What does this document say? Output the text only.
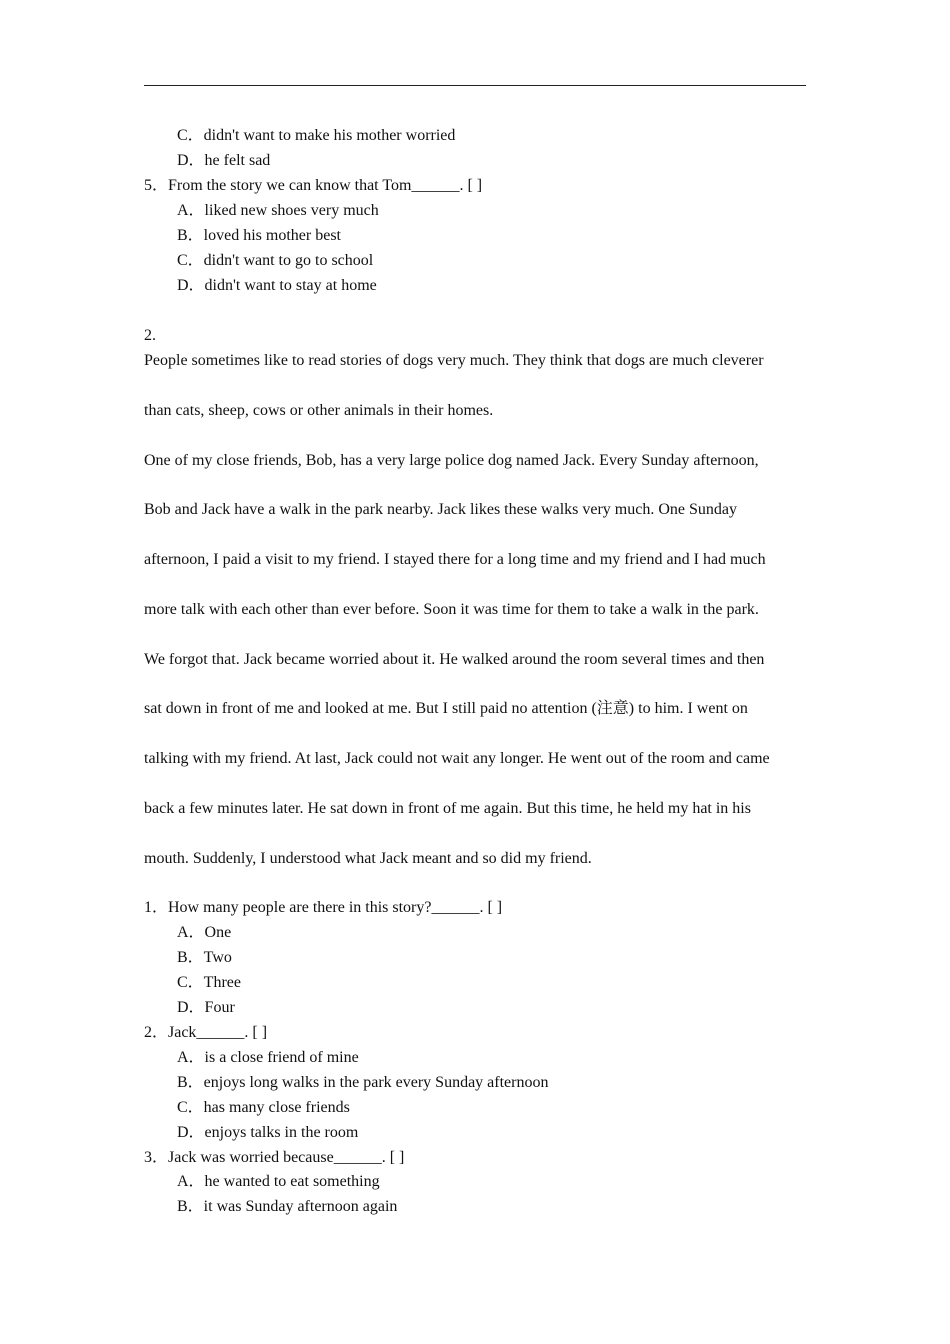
C．didn't want to make his mother worried
D．he felt sad
5．From the story we can know that Tom______. [ ]
A．liked new shoes very much
B．loved his mother best
C．didn't want to go to school
D．didn't want to stay at home
2.
People sometimes like to read stories of dogs very much. They think that dogs are much cleverer
than cats, sheep, cows or other animals in their homes.
One of my close friends, Bob, has a very large police dog named Jack. Every Sunday afternoon,
Bob and Jack have a walk in the park nearby. Jack likes these walks very much. One Sunday
afternoon, I paid a visit to my friend. I stayed there for a long time and my friend and I had much
more talk with each other than ever before. Soon it was time for them to take a walk in the park.
We forgot that. Jack became worried about it. He walked around the room several times and then
sat down in front of me and looked at me. But I still paid no attention (注意) to him. I went on
talking with my friend. At last, Jack could not wait any longer. He went out of the room and came
back a few minutes later. He sat down in front of me again. But this time, he held my hat in his
mouth. Suddenly, I understood what Jack meant and so did my friend.
1．How many people are there in this story?______. [ ]
A．One
B．Two
C．Three
D．Four
2．Jack______. [ ]
A．is a close friend of mine
B．enjoys long walks in the park every Sunday afternoon
C．has many close friends
D．enjoys talks in the room
3．Jack was worried because______. [ ]
A．he wanted to eat something
B．it was Sunday afternoon again
